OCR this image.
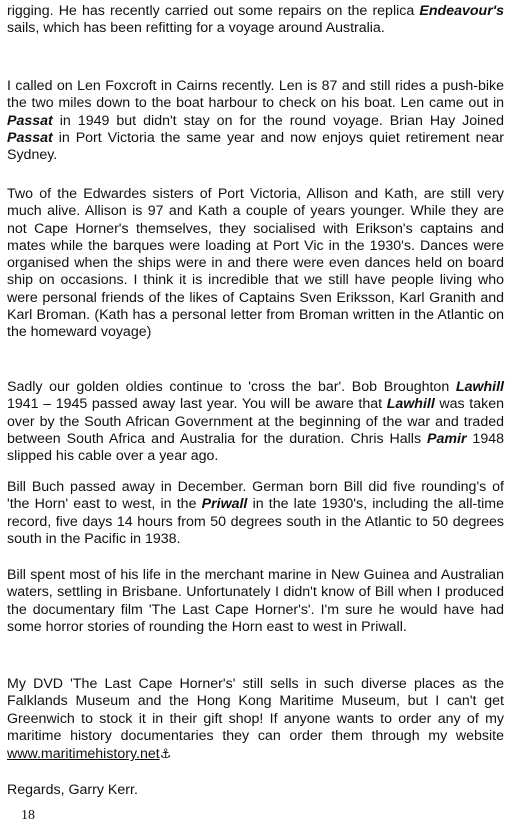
rigging. He has recently carried out some repairs on the replica Endeavour's sails, which has been refitting for a voyage around Australia.

I called on Len Foxcroft in Cairns recently. Len is 87 and still rides a push-bike the two miles down to the boat harbour to check on his boat. Len came out in Passat in 1949 but didn't stay on for the round voyage. Brian Hay Joined Passat in Port Victoria the same year and now enjoys quiet retirement near Sydney.

Two of the Edwardes sisters of Port Victoria, Allison and Kath, are still very much alive. Allison is 97 and Kath a couple of years younger. While they are not Cape Horner's themselves, they socialised with Erikson's captains and mates while the barques were loading at Port Vic in the 1930's. Dances were organised when the ships were in and there were even dances held on board ship on occasions. I think it is incredible that we still have people living who were personal friends of the likes of Captains Sven Eriksson, Karl Granith and Karl Broman. (Kath has a personal letter from Broman written in the Atlantic on the homeward voyage)

Sadly our golden oldies continue to 'cross the bar'. Bob Broughton Lawhill 1941 – 1945 passed away last year. You will be aware that Lawhill was taken over by the South African Government at the beginning of the war and traded between South Africa and Australia for the duration. Chris Halls Pamir 1948 slipped his cable over a year ago.

Bill Buch passed away in December. German born Bill did five rounding's of 'the Horn' east to west, in the Priwall in the late 1930's, including the all-time record, five days 14 hours from 50 degrees south in the Atlantic to 50 degrees south in the Pacific in 1938.

Bill spent most of his life in the merchant marine in New Guinea and Australian waters, settling in Brisbane. Unfortunately I didn't know of Bill when I produced the documentary film 'The Last Cape Horner's'. I'm sure he would have had some horror stories of rounding the Horn east to west in Priwall.

My DVD 'The Last Cape Horner's' still sells in such diverse places as the Falklands Museum and the Hong Kong Maritime Museum, but I can't get Greenwich to stock it in their gift shop! If anyone wants to order any of my maritime history documentaries they can order them through my website www.maritimehistory.net⚓

Regards, Garry Kerr.
18
